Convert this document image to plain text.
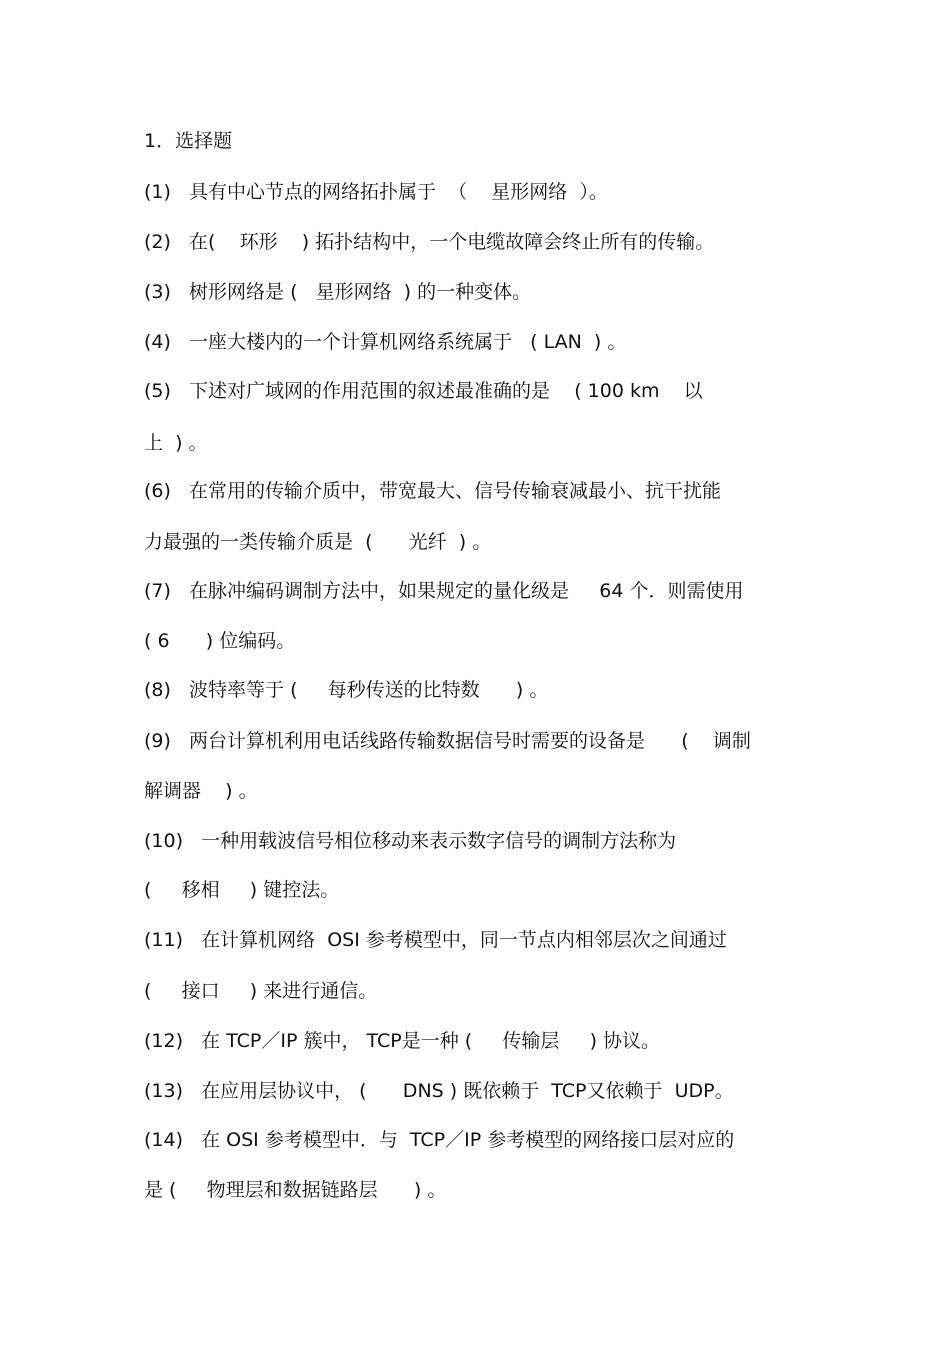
1．选择题
(1)   具有中心节点的网络拓扑属于  （    星形网络  ）。
(2)   在(    环形    ) 拓扑结构中，一个电缆故障会终止所有的传输。
(3)   树形网络是 (   星形网络  ) 的一种变体。
(4)   一座大楼内的一个计算机网络系统属于   ( LAN  ) 。
(5)   下述对广域网的作用范围的叙述最准确的是    ( 100 km    以
上  ) 。
(6)   在常用的传输介质中，带宽最大、信号传输衰减最小、抗干扰能
力最强的一类传输介质是  (      光纤  ) 。
(7)   在脉冲编码调制方法中，如果规定的量化级是     64 个．则需使用
( 6      ) 位编码。
(8)   波特率等于 (     每秒传送的比特数      ) 。
(9)   两台计算机利用电话线路传输数据信号时需要的设备是      (    调制
解调器    ) 。
(10)   一种用载波信号相位移动来表示数字信号的调制方法称为
(     移相     ) 键控法。
(11)   在计算机网络  OSI 参考模型中，同一节点内相邻层次之间通过
(     接口     ) 来进行通信。
(12)   在 TCP／IP 簇中， TCP是一种 (     传输层     ) 协议。
(13)   在应用层协议中， (      DNS ) 既依赖于  TCP又依赖于  UDP。
(14)   在 OSI 参考模型中．与  TCP／IP 参考模型的网络接口层对应的
是 (     物理层和数据链路层      ) 。
